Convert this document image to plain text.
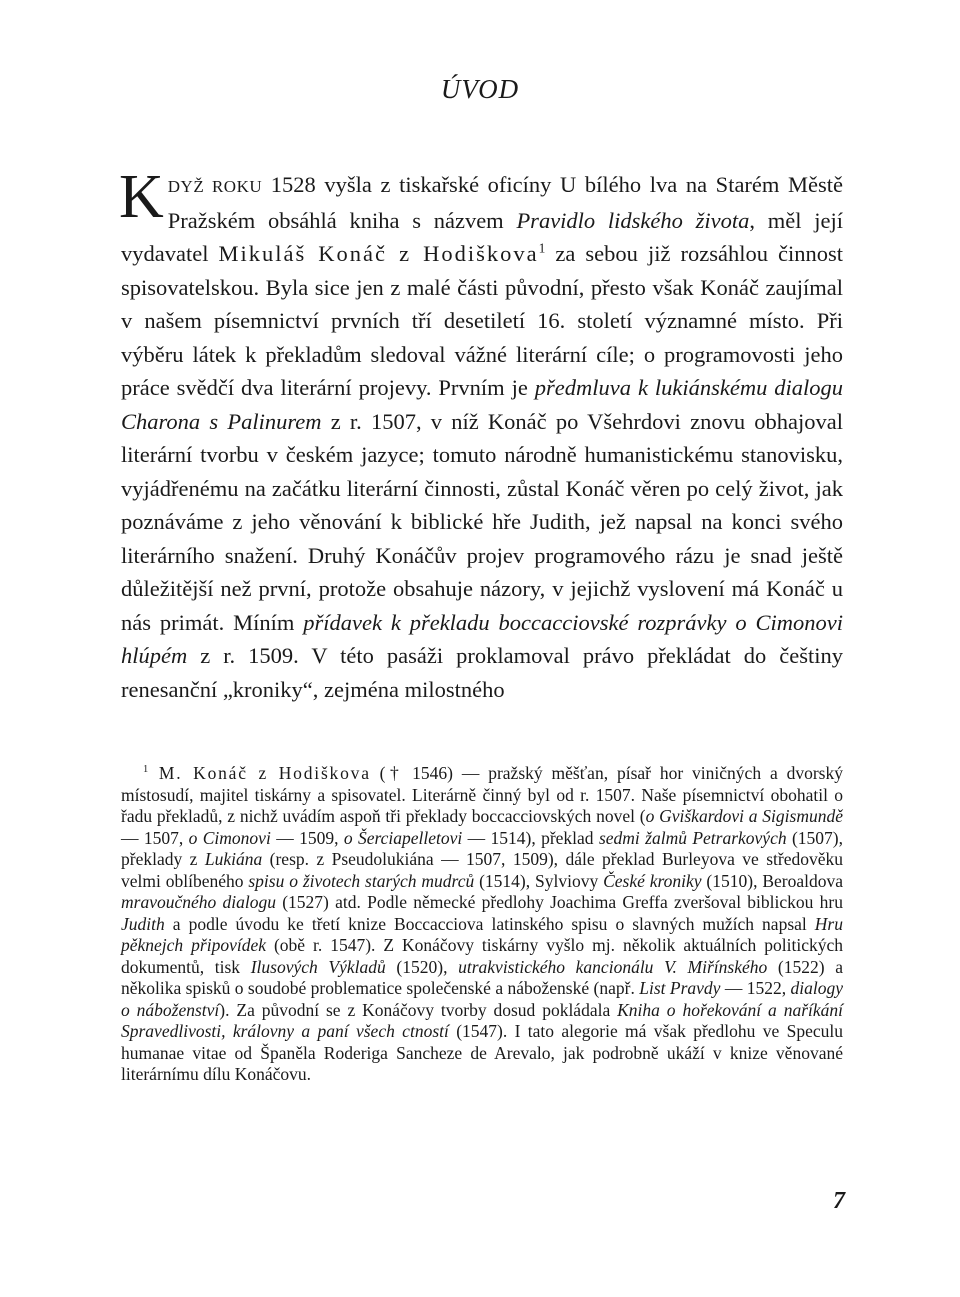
ÚVOD

KDYŽ ROKU 1528 vyšla z tiskařské oficíny U bílého lva na Starém Městě Pražském obsáhlá kniha s názvem Pravidlo lidského života, měl její vydavatel Mikuláš Konáč z Hodiškova$^1$ za sebou již rozsáhlou činnost spisovatelskou. Byla sice jen z malé části původní, přesto však Konáč zaujímal v našem písemnictví prvních tří desetiletí 16. století významné místo. Při výběru látek k překladům sledoval vážné literární cíle; o programovosti jeho práce svědčí dva literární projevy. Prvním je předmluva k lukiánskému dialogu Charona s Palinurem z r. 1507, v níž Konáč po Všehrdovi znovu obhajoval literární tvorbu v českém jazyce; tomuto národně humanistickému stanovisku, vyjádřenému na začátku literární činnosti, zůstal Konáč věren po celý život, jak poznáváme z jeho věnování k biblické hře Judith, jež napsal na konci svého literárního snažení. Druhý Konáčův projev programového rázu je snad ještě důležitější než první, protože obsahuje názory, v jejichž vyslovení má Konáč u nás primát. Míním přídavek k překladu boccacciovské rozprávky o Cimonovi hlúpém z r. 1509. V této pasáži proklamoval právo překládat do češtiny renesanční „kroniky“, zejména milostného

$^1$ M. Konáč z Hodiškova († 1546) — pražský měšťan, písař hor viničných a dvorský místosudí, majitel tiskárny a spisovatel. Literárně činný byl od r. 1507. Naše písemnictví obohatil o řadu překladů, z nichž uvádím aspoň tři překlady boccacciovských novel (o Gviškardovi a Sigismundě — 1507, o Cimonovi — 1509, o Šerciapelletovi — 1514), překlad sedmi žalmů Petrarkových (1507), překlady z Lukiána (resp. z Pseudolukiána — 1507, 1509), dále překlad Burleyova ve středověku velmi oblíbeného spisu o životech starých mudrců (1514), Sylviovy České kroniky (1510), Beroaldova mravoučného dialogu (1527) atd. Podle německé předlohy Joachima Greffa zveršoval biblickou hru Judith a podle úvodu ke třetí knize Boccacciova latinského spisu o slavných mužích napsal Hru pěknejch připovídek (obě r. 1547). Z Konáčovy tiskárny vyšlo mj. několik aktuálních politických dokumentů, tisk Ilusových Výkladů (1520), utrakvistického kancionálu V. Miřínského (1522) a několika spisků o soudobé problematice společenské a náboženské (např. List Pravdy — 1522, dialogy o náboženství). Za původní se z Konáčovy tvorby dosud pokládala Kniha o hořekování a naříkání Spravedlivosti, královny a paní všech ctností (1547). I tato alegorie má však předlohu ve Speculu humanae vitae od Španěla Roderiga Sancheze de Arevalo, jak podrobně ukáží v knize věnované literárnímu dílu Konáčovu.

7
